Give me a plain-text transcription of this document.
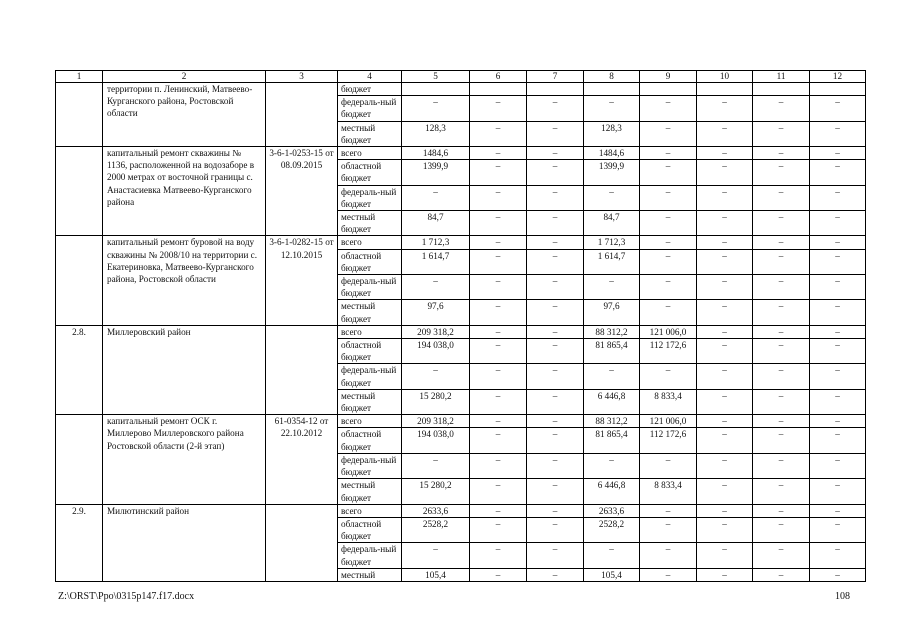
1	2	3	4	5	6	7	8	9	10	11	12
	территории п. Ленинский, Матвеево-Курганского района, Ростовской области		бюджет								
			федераль-ный бюджет	–	–	–	–	–	–	–	–
			местный бюджет	128,3	–	–	128,3	–	–	–	–
	капитальный ремонт скважины № 1136, расположенной на водозаборе в 2000 метрах от восточной границы с. Анастасиевка Матвеево-Курганского района	3-6-1-0253-15 от 08.09.2015	всего	1484,6	–	–	1484,6	–	–	–	–
			областной бюджет	1399,9	–	–	1399,9	–	–	–	–
			федераль-ный бюджет	–	–	–	–	–	–	–	–
			местный бюджет	84,7	–	–	84,7	–	–	–	–
	капитальный ремонт буровой на воду скважины № 2008/10 на территории с. Екатериновка, Матвеево-Курганского района, Ростовской области	3-6-1-0282-15 от 12.10.2015	всего	1 712,3	–	–	1 712,3	–	–	–	–
			областной бюджет	1 614,7	–	–	1 614,7	–	–	–	–
			федераль-ный бюджет	–	–	–	–	–	–	–	–
			местный бюджет	97,6	–	–	97,6	–	–	–	–
2.8.	Миллеровский район		всего	209 318,2	–	–	88 312,2	121 006,0	–	–	–
			областной бюджет	194 038,0	–	–	81 865,4	112 172,6	–	–	–
			федераль-ный бюджет	–	–	–	–	–	–	–	–
			местный бюджет	15 280,2	–	–	6 446,8	8 833,4	–	–	–
	капитальный ремонт ОСК г. Миллерово Миллеровского района Ростовской области (2-й этап)	61-0354-12 от 22.10.2012	всего	209 318,2	–	–	88 312,2	121 006,0	–	–	–
			областной бюджет	194 038,0	–	–	81 865,4	112 172,6	–	–	–
			федераль-ный бюджет	–	–	–	–	–	–	–	–
			местный бюджет	15 280,2	–	–	6 446,8	8 833,4	–	–	–
2.9.	Милютинский район		всего	2633,6	–	–	2633,6	–	–	–	–
			областной бюджет	2528,2	–	–	2528,2	–	–	–	–
			федераль-ный бюджет	–	–	–	–	–	–	–	–
			местный	105,4	–	–	105,4	–	–	–	–
Z:\ORST\Ppo\0315p147.f17.docx	108
